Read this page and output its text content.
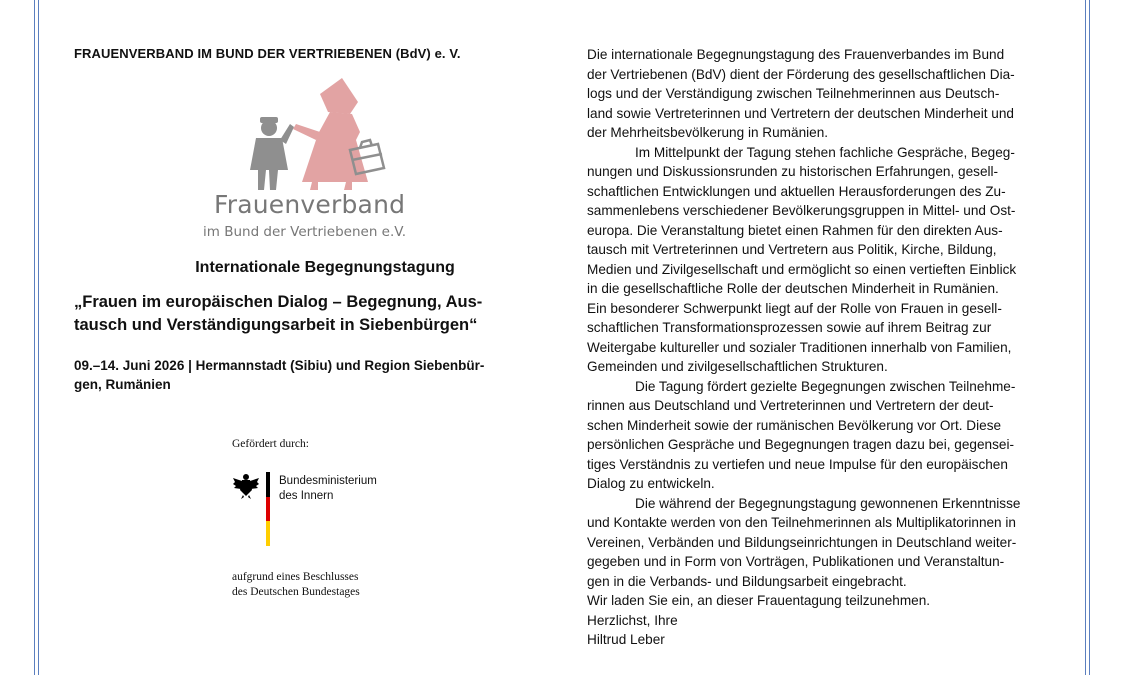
FRAUENVERBAND IM BUND DER VERTRIEBENEN (BdV) e. V.
Frauenverband
im Bund der Vertriebenen e.V.
Internationale Begegnungstagung
„Frauen im europäischen Dialog – Begegnung, Aus-
tausch und Verständigungsarbeit in Siebenbürgen“
09.–14. Juni 2026 | Hermannstadt (Sibiu) und Region Siebenbür-
gen, Rumänien
Gefördert durch:
Bundesministerium
des Innern
aufgrund eines Beschlusses
des Deutschen Bundestages
Die internationale Begegnungstagung des Frauenverbandes im Bund
der Vertriebenen (BdV) dient der Förderung des gesellschaftlichen Dia-
logs und der Verständigung zwischen Teilnehmerinnen aus Deutsch-
land sowie Vertreterinnen und Vertretern der deutschen Minderheit und
der Mehrheitsbevölkerung in Rumänien.
Im Mittelpunkt der Tagung stehen fachliche Gespräche, Begeg-
nungen und Diskussionsrunden zu historischen Erfahrungen, gesell-
schaftlichen Entwicklungen und aktuellen Herausforderungen des Zu-
sammenlebens verschiedener Bevölkerungsgruppen in Mittel- und Ost-
europa. Die Veranstaltung bietet einen Rahmen für den direkten Aus-
tausch mit Vertreterinnen und Vertretern aus Politik, Kirche, Bildung,
Medien und Zivilgesellschaft und ermöglicht so einen vertieften Einblick
in die gesellschaftliche Rolle der deutschen Minderheit in Rumänien.
Ein besonderer Schwerpunkt liegt auf der Rolle von Frauen in gesell-
schaftlichen Transformationsprozessen sowie auf ihrem Beitrag zur
Weitergabe kultureller und sozialer Traditionen innerhalb von Familien,
Gemeinden und zivilgesellschaftlichen Strukturen.
Die Tagung fördert gezielte Begegnungen zwischen Teilnehme-
rinnen aus Deutschland und Vertreterinnen und Vertretern der deut-
schen Minderheit sowie der rumänischen Bevölkerung vor Ort. Diese
persönlichen Gespräche und Begegnungen tragen dazu bei, gegensei-
tiges Verständnis zu vertiefen und neue Impulse für den europäischen
Dialog zu entwickeln.
Die während der Begegnungstagung gewonnenen Erkenntnisse
und Kontakte werden von den Teilnehmerinnen als Multiplikatorinnen in
Vereinen, Verbänden und Bildungseinrichtungen in Deutschland weiter-
gegeben und in Form von Vorträgen, Publikationen und Veranstaltun-
gen in die Verbands- und Bildungsarbeit eingebracht.
Wir laden Sie ein, an dieser Frauentagung teilzunehmen.
Herzlichst, Ihre
Hiltrud Leber
